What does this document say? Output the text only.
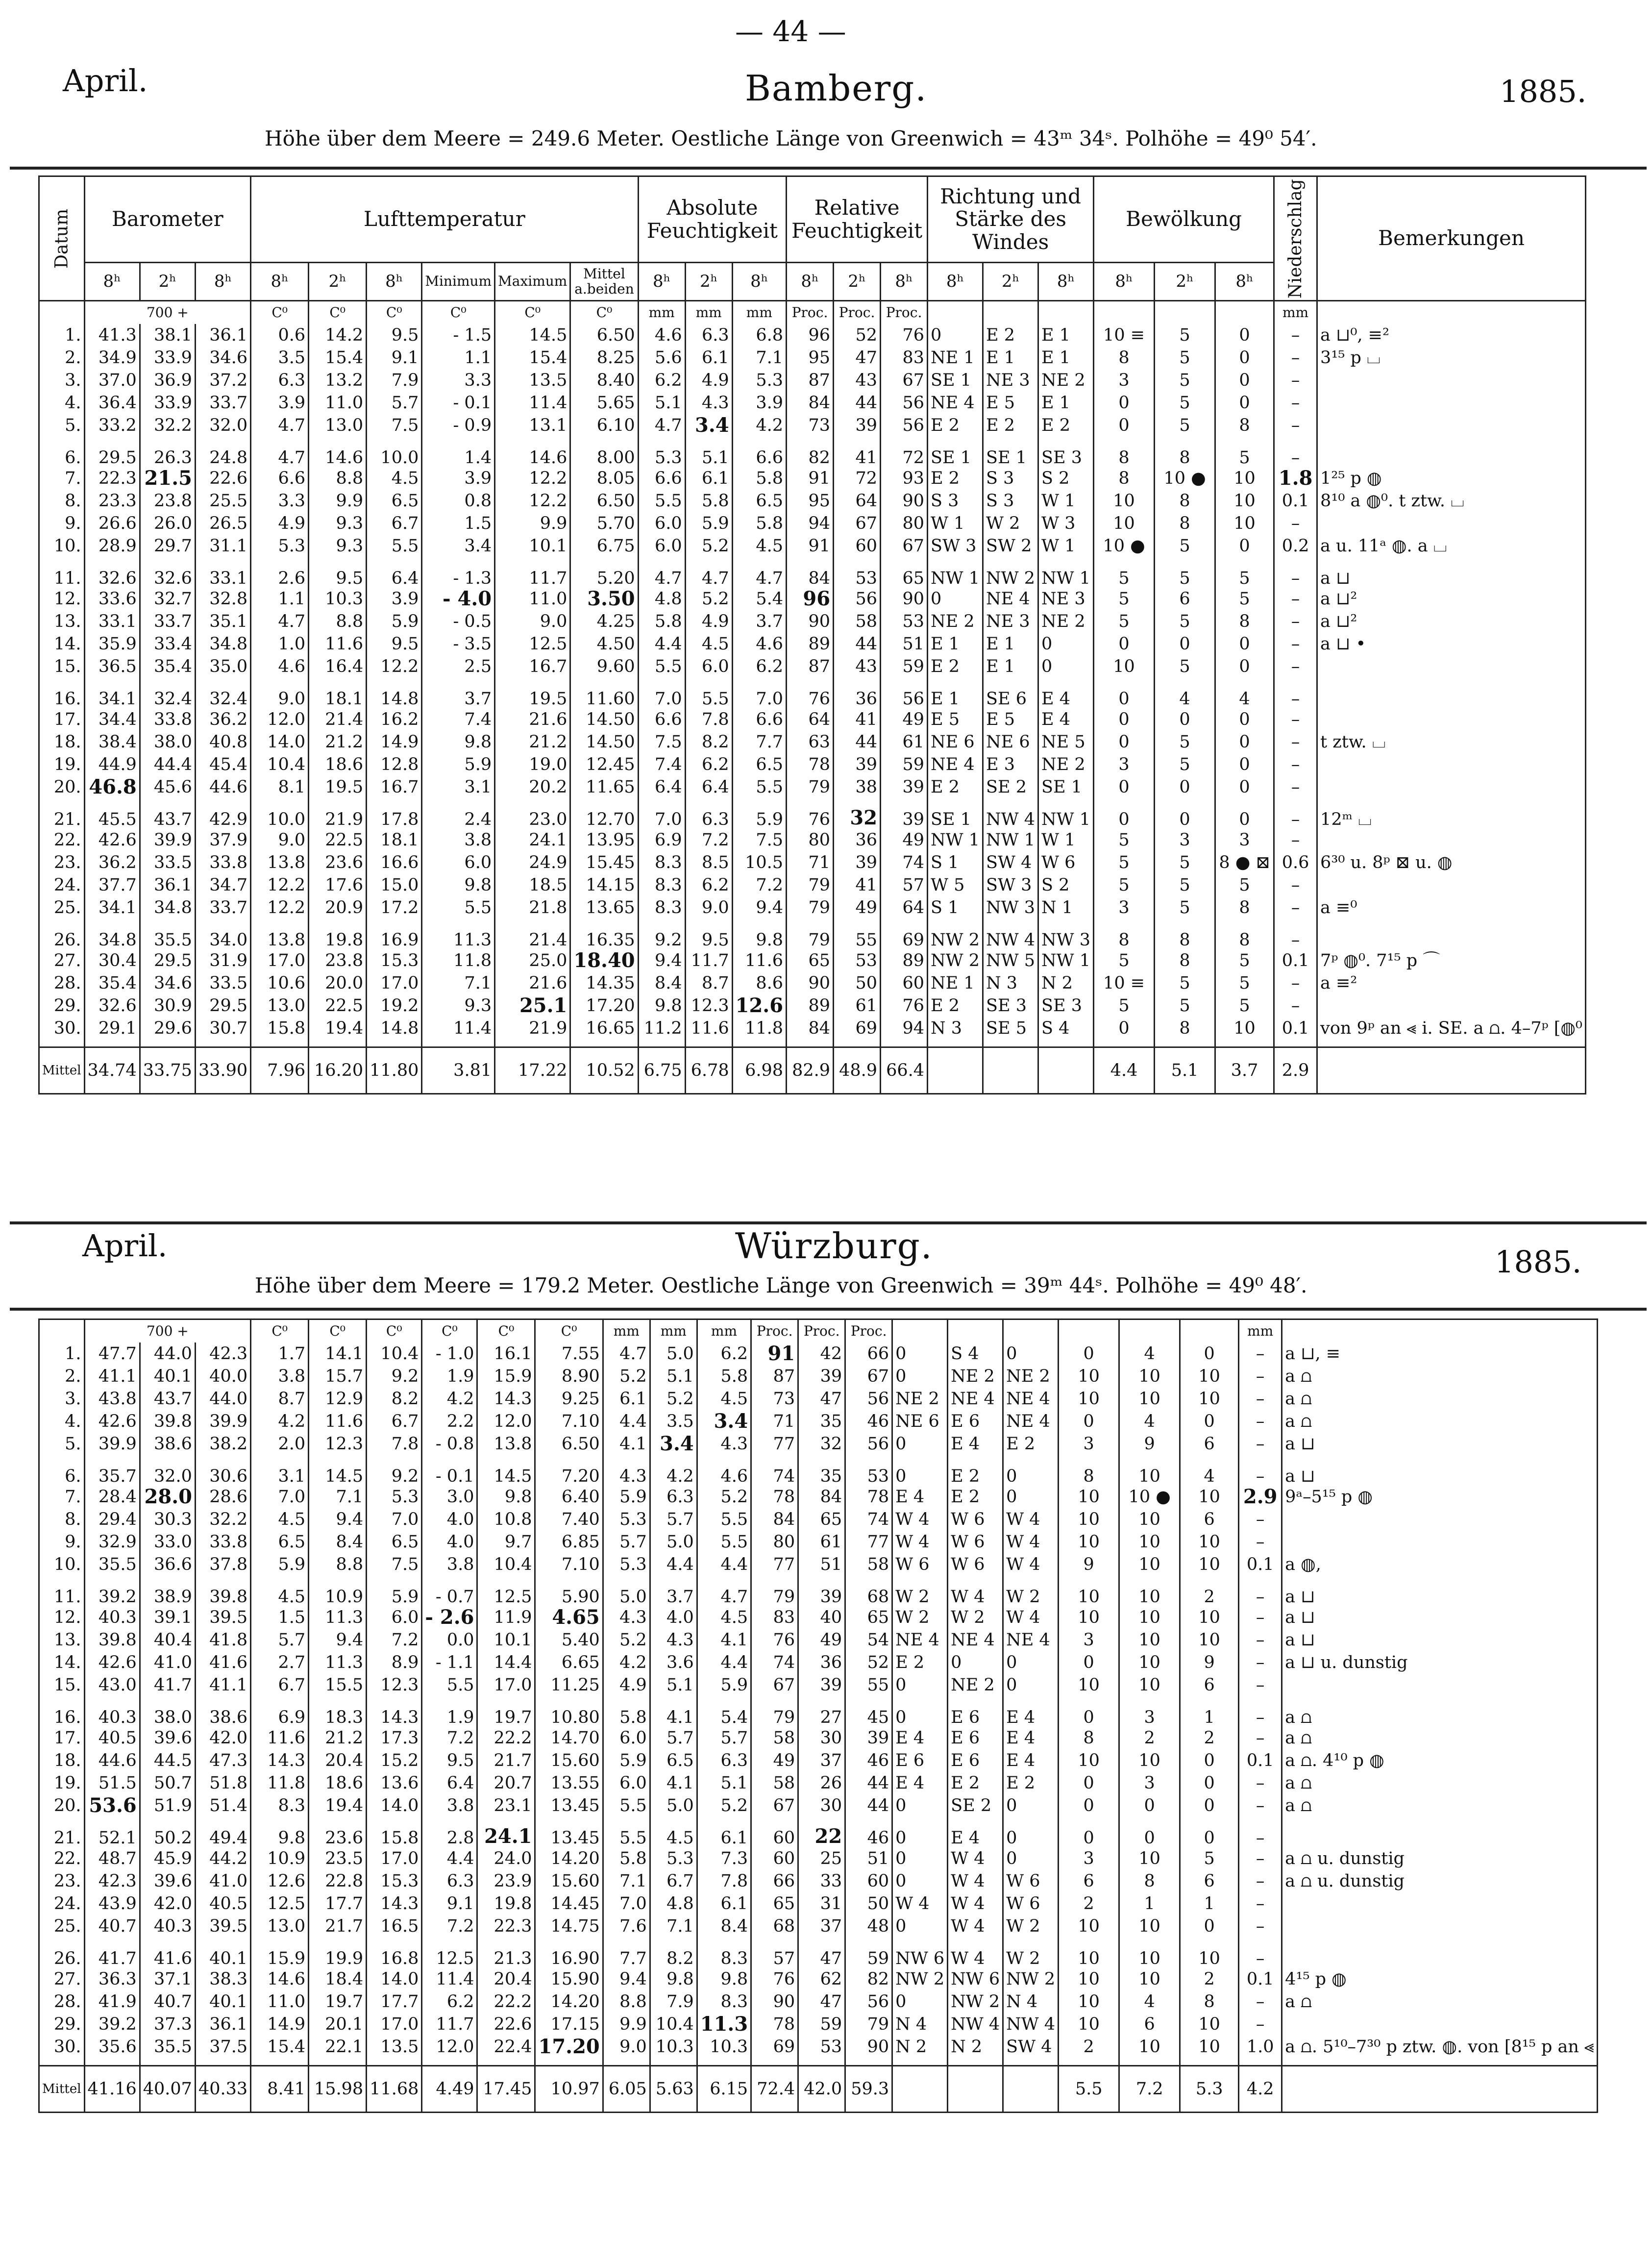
— 44 —
April.	Bamberg.	1885.
Höhe über dem Meere = 249.6 Meter. Oestliche Länge von Greenwich = 43ᵐ 34ˢ. Polhöhe = 49⁰ 54′.
Datum	Barometer			Lufttemperatur						Absolute Feuchtigkeit			Relative Feuchtigkeit			Richtung und Stärke des Windes			Bewölkung			Niederschlag	Bemerkungen
	8ʰ	2ʰ	8ʰ	8ʰ	2ʰ	8ʰ	Minimum	Maximum	Mittel a.beiden	8ʰ	2ʰ	8ʰ	8ʰ	2ʰ	8ʰ	8ʰ	2ʰ	8ʰ	8ʰ	2ʰ	8ʰ		
	700 +			C⁰	C⁰	C⁰	C⁰	C⁰	C⁰	mm	mm	mm	Proc.	Proc.	Proc.							mm	
1.	41.3	38.1	36.1	0.6	14.2	9.5	- 1.5	14.5	6.50	4.6	6.3	6.8	96	52	76	0	E 2	E 1	10 ≡	5	0	–	a ⊔⁰, ≡²
2.	34.9	33.9	34.6	3.5	15.4	9.1	1.1	15.4	8.25	5.6	6.1	7.1	95	47	83	NE 1	E 1	E 1	8	5	0	–	3¹⁵ p ⌴
3.	37.0	36.9	37.2	6.3	13.2	7.9	3.3	13.5	8.40	6.2	4.9	5.3	87	43	67	SE 1	NE 3	NE 2	3	5	0	–	
4.	36.4	33.9	33.7	3.9	11.0	5.7	- 0.1	11.4	5.65	5.1	4.3	3.9	84	44	56	NE 4	E 5	E 1	0	5	0	–	
5.	33.2	32.2	32.0	4.7	13.0	7.5	- 0.9	13.1	6.10	4.7	3.4	4.2	73	39	56	E 2	E 2	E 2	0	5	8	–	
6.	29.5	26.3	24.8	4.7	14.6	10.0	1.4	14.6	8.00	5.3	5.1	6.6	82	41	72	SE 1	SE 1	SE 3	8	8	5	–	
7.	22.3	21.5	22.6	6.6	8.8	4.5	3.9	12.2	8.05	6.6	6.1	5.8	91	72	93	E 2	S 3	S 2	8	10 ●	10	1.8	1²⁵ p ◍
8.	23.3	23.8	25.5	3.3	9.9	6.5	0.8	12.2	6.50	5.5	5.8	6.5	95	64	90	S 3	S 3	W 1	10	8	10	0.1	8¹⁰ a ◍⁰. t ztw. ⌴
9.	26.6	26.0	26.5	4.9	9.3	6.7	1.5	9.9	5.70	6.0	5.9	5.8	94	67	80	W 1	W 2	W 3	10	8	10	–	
10.	28.9	29.7	31.1	5.3	9.3	5.5	3.4	10.1	6.75	6.0	5.2	4.5	91	60	67	SW 3	SW 2	W 1	10 ●	5	0	0.2	a u. 11ᵃ ◍. a ⌴
11.	32.6	32.6	33.1	2.6	9.5	6.4	- 1.3	11.7	5.20	4.7	4.7	4.7	84	53	65	NW 1	NW 2	NW 1	5	5	5	–	a ⊔
12.	33.6	32.7	32.8	1.1	10.3	3.9	- 4.0	11.0	3.50	4.8	5.2	5.4	96	56	90	0	NE 4	NE 3	5	6	5	–	a ⊔²
13.	33.1	33.7	35.1	4.7	8.8	5.9	- 0.5	9.0	4.25	5.8	4.9	3.7	90	58	53	NE 2	NE 3	NE 2	5	5	8	–	a ⊔²
14.	35.9	33.4	34.8	1.0	11.6	9.5	- 3.5	12.5	4.50	4.4	4.5	4.6	89	44	51	E 1	E 1	0	0	0	0	–	a ⊔ •
15.	36.5	35.4	35.0	4.6	16.4	12.2	2.5	16.7	9.60	5.5	6.0	6.2	87	43	59	E 2	E 1	0	10	5	0	–	
16.	34.1	32.4	32.4	9.0	18.1	14.8	3.7	19.5	11.60	7.0	5.5	7.0	76	36	56	E 1	SE 6	E 4	0	4	4	–	
17.	34.4	33.8	36.2	12.0	21.4	16.2	7.4	21.6	14.50	6.6	7.8	6.6	64	41	49	E 5	E 5	E 4	0	0	0	–	
18.	38.4	38.0	40.8	14.0	21.2	14.9	9.8	21.2	14.50	7.5	8.2	7.7	63	44	61	NE 6	NE 6	NE 5	0	5	0	–	t ztw. ⌴
19.	44.9	44.4	45.4	10.4	18.6	12.8	5.9	19.0	12.45	7.4	6.2	6.5	78	39	59	NE 4	E 3	NE 2	3	5	0	–	
20.	46.8	45.6	44.6	8.1	19.5	16.7	3.1	20.2	11.65	6.4	6.4	5.5	79	38	39	E 2	SE 2	SE 1	0	0	0	–	
21.	45.5	43.7	42.9	10.0	21.9	17.8	2.4	23.0	12.70	7.0	6.3	5.9	76	32	39	SE 1	NW 4	NW 1	0	0	0	–	12ᵐ ⌴
22.	42.6	39.9	37.9	9.0	22.5	18.1	3.8	24.1	13.95	6.9	7.2	7.5	80	36	49	NW 1	NW 1	W 1	5	3	3	–	
23.	36.2	33.5	33.8	13.8	23.6	16.6	6.0	24.9	15.45	8.3	8.5	10.5	71	39	74	S 1	SW 4	W 6	5	5	8 ● ⊠	0.6	6³⁰ u. 8ᵖ ⊠ u. ◍
24.	37.7	36.1	34.7	12.2	17.6	15.0	9.8	18.5	14.15	8.3	6.2	7.2	79	41	57	W 5	SW 3	S 2	5	5	5	–	
25.	34.1	34.8	33.7	12.2	20.9	17.2	5.5	21.8	13.65	8.3	9.0	9.4	79	49	64	S 1	NW 3	N 1	3	5	8	–	a ≡⁰
26.	34.8	35.5	34.0	13.8	19.8	16.9	11.3	21.4	16.35	9.2	9.5	9.8	79	55	69	NW 2	NW 4	NW 3	8	8	8	–	
27.	30.4	29.5	31.9	17.0	23.8	15.3	11.8	25.0	18.40	9.4	11.7	11.6	65	53	89	NW 2	NW 5	NW 1	5	8	5	0.1	7ᵖ ◍⁰. 7¹⁵ p ⌒
28.	35.4	34.6	33.5	10.6	20.0	17.0	7.1	21.6	14.35	8.4	8.7	8.6	90	50	60	NE 1	N 3	N 2	10 ≡	5	5	–	a ≡²
29.	32.6	30.9	29.5	13.0	22.5	19.2	9.3	25.1	17.20	9.8	12.3	12.6	89	61	76	E 2	SE 3	SE 3	5	5	5	–	
30.	29.1	29.6	30.7	15.8	19.4	14.8	11.4	21.9	16.65	11.2	11.6	11.8	84	69	94	N 3	SE 5	S 4	0	8	10	0.1	von 9ᵖ an ⪡ i. SE. a ⩍. 4–7ᵖ [◍⁰

Mittel	34.74	33.75	33.90	7.96	16.20	11.80	3.81	17.22	10.52	6.75	6.78	6.98	82.9	48.9	66.4				4.4	5.1	3.7	2.9	
April.	Würzburg.	1885.
Höhe über dem Meere = 179.2 Meter. Oestliche Länge von Greenwich = 39ᵐ 44ˢ. Polhöhe = 49⁰ 48′.
	700 +			C⁰	C⁰	C⁰	C⁰	C⁰	C⁰	mm	mm	mm	Proc.	Proc.	Proc.							mm	
1.	47.7	44.0	42.3	1.7	14.1	10.4	- 1.0	16.1	7.55	4.7	5.0	6.2	91	42	66	0	S 4	0	0	4	0	–	a ⊔, ≡
2.	41.1	40.1	40.0	3.8	15.7	9.2	1.9	15.9	8.90	5.2	5.1	5.8	87	39	67	0	NE 2	NE 2	10	10	10	–	a ⩍
3.	43.8	43.7	44.0	8.7	12.9	8.2	4.2	14.3	9.25	6.1	5.2	4.5	73	47	56	NE 2	NE 4	NE 4	10	10	10	–	a ⩍
4.	42.6	39.8	39.9	4.2	11.6	6.7	2.2	12.0	7.10	4.4	3.5	3.4	71	35	46	NE 6	E 6	NE 4	0	4	0	–	a ⩍
5.	39.9	38.6	38.2	2.0	12.3	7.8	- 0.8	13.8	6.50	4.1	3.4	4.3	77	32	56	0	E 4	E 2	3	9	6	–	a ⊔
6.	35.7	32.0	30.6	3.1	14.5	9.2	- 0.1	14.5	7.20	4.3	4.2	4.6	74	35	53	0	E 2	0	8	10	4	–	a ⊔
7.	28.4	28.0	28.6	7.0	7.1	5.3	3.0	9.8	6.40	5.9	6.3	5.2	78	84	78	E 4	E 2	0	10	10 ●	10	2.9	9ᵃ–5¹⁵ p ◍
8.	29.4	30.3	32.2	4.5	9.4	7.0	4.0	10.8	7.40	5.3	5.7	5.5	84	65	74	W 4	W 6	W 4	10	10	6	–	
9.	32.9	33.0	33.8	6.5	8.4	6.5	4.0	9.7	6.85	5.7	5.0	5.5	80	61	77	W 4	W 6	W 4	10	10	10	–	
10.	35.5	36.6	37.8	5.9	8.8	7.5	3.8	10.4	7.10	5.3	4.4	4.4	77	51	58	W 6	W 6	W 4	9	10	10	0.1	a ◍,
11.	39.2	38.9	39.8	4.5	10.9	5.9	- 0.7	12.5	5.90	5.0	3.7	4.7	79	39	68	W 2	W 4	W 2	10	10	2	–	a ⊔
12.	40.3	39.1	39.5	1.5	11.3	6.0	- 2.6	11.9	4.65	4.3	4.0	4.5	83	40	65	W 2	W 2	W 4	10	10	10	–	a ⊔
13.	39.8	40.4	41.8	5.7	9.4	7.2	0.0	10.1	5.40	5.2	4.3	4.1	76	49	54	NE 4	NE 4	NE 4	3	10	10	–	a ⊔
14.	42.6	41.0	41.6	2.7	11.3	8.9	- 1.1	14.4	6.65	4.2	3.6	4.4	74	36	52	E 2	0	0	0	10	9	–	a ⊔ u. dunstig
15.	43.0	41.7	41.1	6.7	15.5	12.3	5.5	17.0	11.25	4.9	5.1	5.9	67	39	55	0	NE 2	0	10	10	6	–	
16.	40.3	38.0	38.6	6.9	18.3	14.3	1.9	19.7	10.80	5.8	4.1	5.4	79	27	45	0	E 6	E 4	0	3	1	–	a ⩍
17.	40.5	39.6	42.0	11.6	21.2	17.3	7.2	22.2	14.70	6.0	5.7	5.7	58	30	39	E 4	E 6	E 4	8	2	2	–	a ⩍
18.	44.6	44.5	47.3	14.3	20.4	15.2	9.5	21.7	15.60	5.9	6.5	6.3	49	37	46	E 6	E 6	E 4	10	10	0	0.1	a ⩍. 4¹⁰ p ◍
19.	51.5	50.7	51.8	11.8	18.6	13.6	6.4	20.7	13.55	6.0	4.1	5.1	58	26	44	E 4	E 2	E 2	0	3	0	–	a ⩍
20.	53.6	51.9	51.4	8.3	19.4	14.0	3.8	23.1	13.45	5.5	5.0	5.2	67	30	44	0	SE 2	0	0	0	0	–	a ⩍
21.	52.1	50.2	49.4	9.8	23.6	15.8	2.8	24.1	13.45	5.5	4.5	6.1	60	22	46	0	E 4	0	0	0	0	–	
22.	48.7	45.9	44.2	10.9	23.5	17.0	4.4	24.0	14.20	5.8	5.3	7.3	60	25	51	0	W 4	0	3	10	5	–	a ⩍ u. dunstig
23.	42.3	39.6	41.0	12.6	22.8	15.3	6.3	23.9	15.60	7.1	6.7	7.8	66	33	60	0	W 4	W 6	6	8	6	–	a ⩍ u. dunstig
24.	43.9	42.0	40.5	12.5	17.7	14.3	9.1	19.8	14.45	7.0	4.8	6.1	65	31	50	W 4	W 4	W 6	2	1	1	–	
25.	40.7	40.3	39.5	13.0	21.7	16.5	7.2	22.3	14.75	7.6	7.1	8.4	68	37	48	0	W 4	W 2	10	10	0	–	
26.	41.7	41.6	40.1	15.9	19.9	16.8	12.5	21.3	16.90	7.7	8.2	8.3	57	47	59	NW 6	W 4	W 2	10	10	10	–	
27.	36.3	37.1	38.3	14.6	18.4	14.0	11.4	20.4	15.90	9.4	9.8	9.8	76	62	82	NW 2	NW 6	NW 2	10	10	2	0.1	4¹⁵ p ◍
28.	41.9	40.7	40.1	11.0	19.7	17.7	6.2	22.2	14.20	8.8	7.9	8.3	90	47	56	0	NW 2	N 4	10	4	8	–	a ⩍
29.	39.2	37.3	36.1	14.9	20.1	17.0	11.7	22.6	17.15	9.9	10.4	11.3	78	59	79	N 4	NW 4	NW 4	10	6	10	–	
30.	35.6	35.5	37.5	15.4	22.1	13.5	12.0	22.4	17.20	9.0	10.3	10.3	69	53	90	N 2	N 2	SW 4	2	10	10	1.0	a ⩍. 5¹⁰–7³⁰ p ztw. ◍. von [8¹⁵ p an ⪡

Mittel	41.16	40.07	40.33	8.41	15.98	11.68	4.49	17.45	10.97	6.05	5.63	6.15	72.4	42.0	59.3				5.5	7.2	5.3	4.2	
